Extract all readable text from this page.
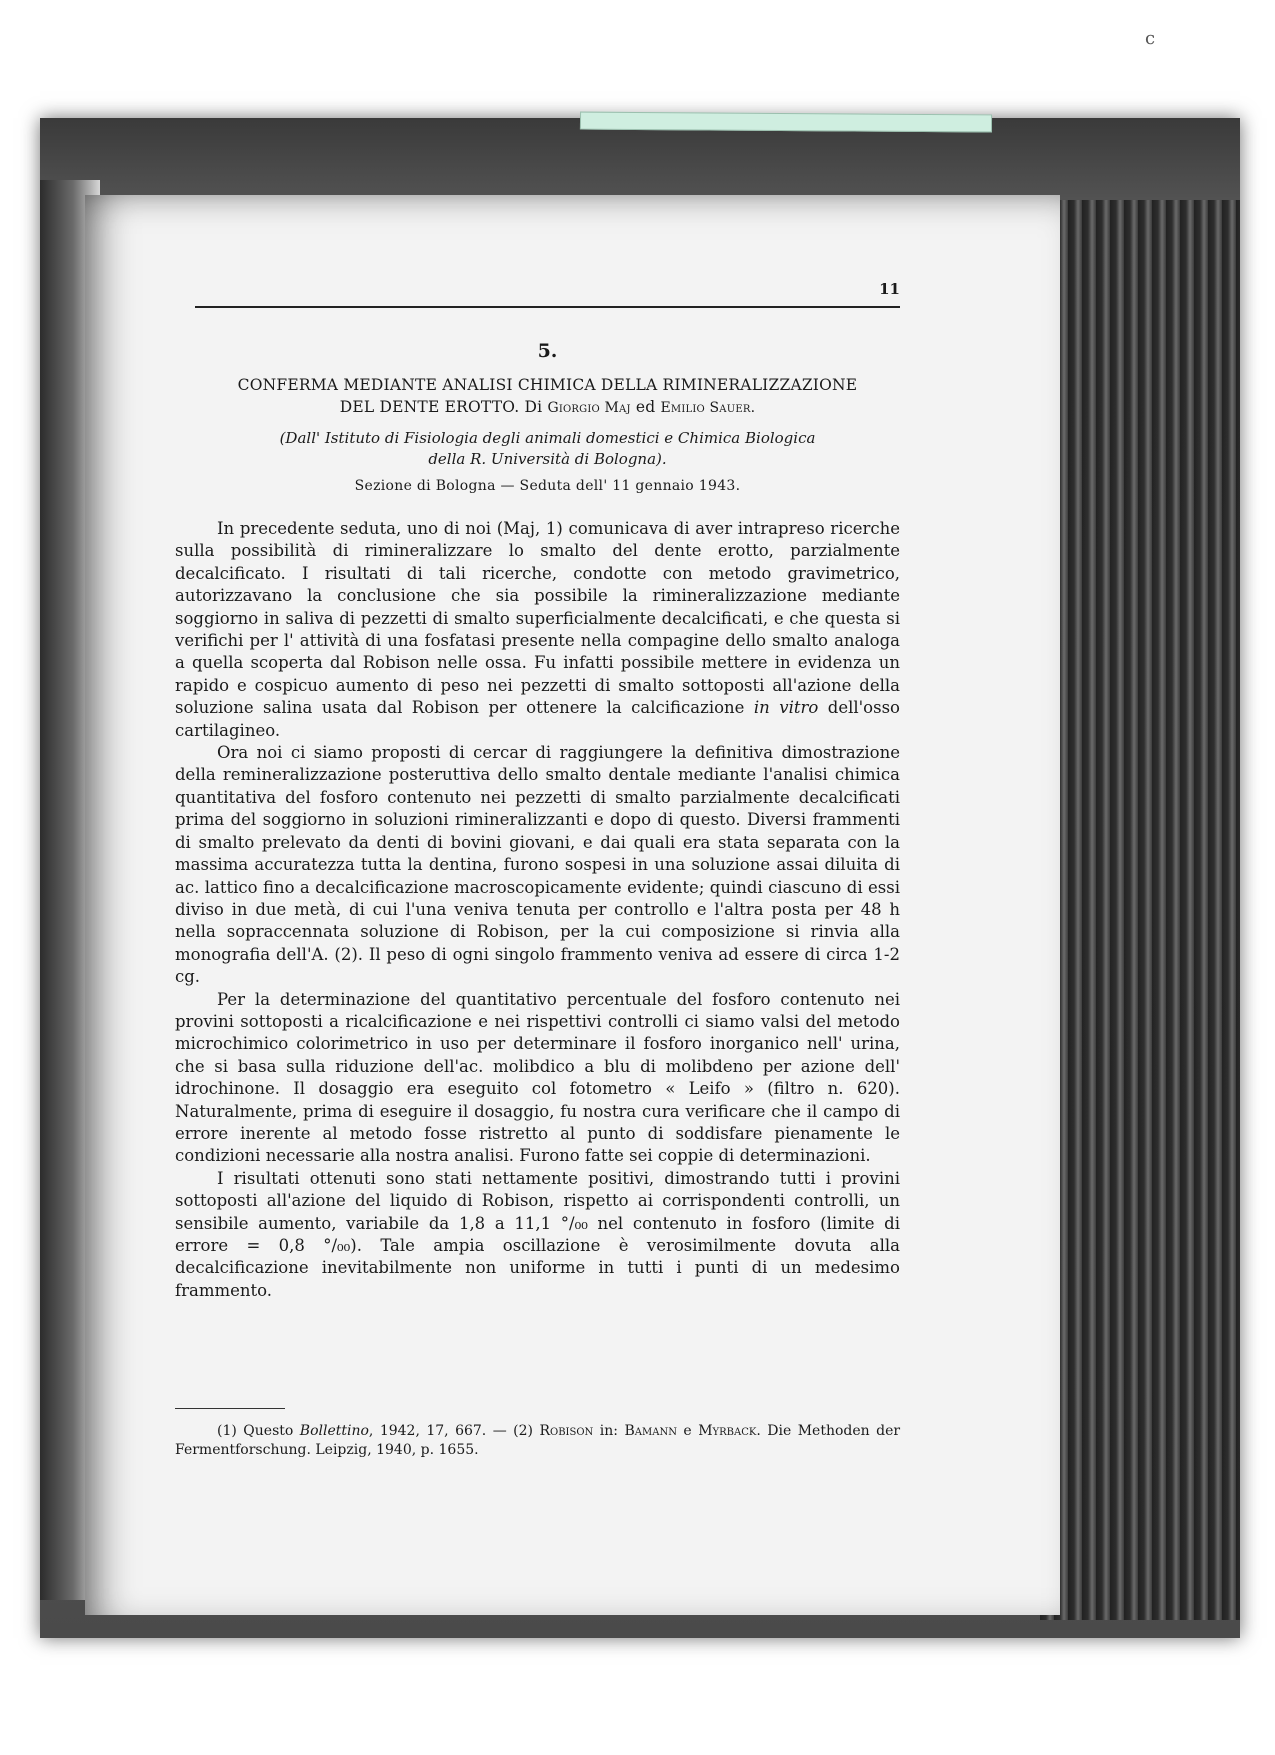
c
11
5.
CONFERMA MEDIANTE ANALISI CHIMICA DELLA RIMINERALIZZAZIONE
DEL DENTE EROTTO. Di Giorgio Maj ed Emilio Sauer.
(Dall' Istituto di Fisiologia degli animali domestici e Chimica Biologica
della R. Università di Bologna).
Sezione di Bologna — Seduta dell' 11 gennaio 1943.

In precedente seduta, uno di noi (Maj, 1) comunicava di aver intrapreso ricerche sulla possibilità di rimineralizzare lo smalto del dente erotto, parzialmente decalcificato. I risultati di tali ricerche, condotte con metodo gravimetrico, autorizzavano la conclusione che sia possibile la rimineralizzazione mediante soggiorno in saliva di pezzetti di smalto superficialmente decalcificati, e che questa si verifichi per l' attività di una fosfatasi presente nella compagine dello smalto analoga a quella scoperta dal Robison nelle ossa. Fu infatti possibile mettere in evidenza un rapido e cospicuo aumento di peso nei pezzetti di smalto sottoposti all'azione della soluzione salina usata dal Robison per ottenere la calcificazione in vitro dell'osso cartilagineo.

Ora noi ci siamo proposti di cercar di raggiungere la definitiva dimostrazione della remineralizzazione posteruttiva dello smalto dentale mediante l'analisi chimica quantitativa del fosforo contenuto nei pezzetti di smalto parzialmente decalcificati prima del soggiorno in soluzioni rimineralizzanti e dopo di questo. Diversi frammenti di smalto prelevato da denti di bovini giovani, e dai quali era stata separata con la massima accuratezza tutta la dentina, furono sospesi in una soluzione assai diluita di ac. lattico fino a decalcificazione macroscopicamente evidente; quindi ciascuno di essi diviso in due metà, di cui l'una veniva tenuta per controllo e l'altra posta per 48 h nella sopraccennata soluzione di Robison, per la cui composizione si rinvia alla monografia dell'A. (2). Il peso di ogni singolo frammento veniva ad essere di circa 1-2 cg.

Per la determinazione del quantitativo percentuale del fosforo contenuto nei provini sottoposti a ricalcificazione e nei rispettivi controlli ci siamo valsi del metodo microchimico colorimetrico in uso per determinare il fosforo inorganico nell' urina, che si basa sulla riduzione dell'ac. molibdico a blu di molibdeno per azione dell' idrochinone. Il dosaggio era eseguito col fotometro « Leifo » (filtro n. 620). Naturalmente, prima di eseguire il dosaggio, fu nostra cura verificare che il campo di errore inerente al metodo fosse ristretto al punto di soddisfare pienamente le condizioni necessarie alla nostra analisi. Furono fatte sei coppie di determinazioni.

I risultati ottenuti sono stati nettamente positivi, dimostrando tutti i provini sottoposti all'azione del liquido di Robison, rispetto ai corrispondenti controlli, un sensibile aumento, variabile da 1,8 a 11,1 °/₀₀ nel contenuto in fosforo (limite di errore = 0,8 °/₀₀). Tale ampia oscillazione è verosimilmente dovuta alla decalcificazione inevitabilmente non uniforme in tutti i punti di un medesimo frammento.

(1) Questo Bollettino, 1942, 17, 667. — (2) Robison in: Bamann e Myrback. Die Methoden der Fermentforschung. Leipzig, 1940, p. 1655.
